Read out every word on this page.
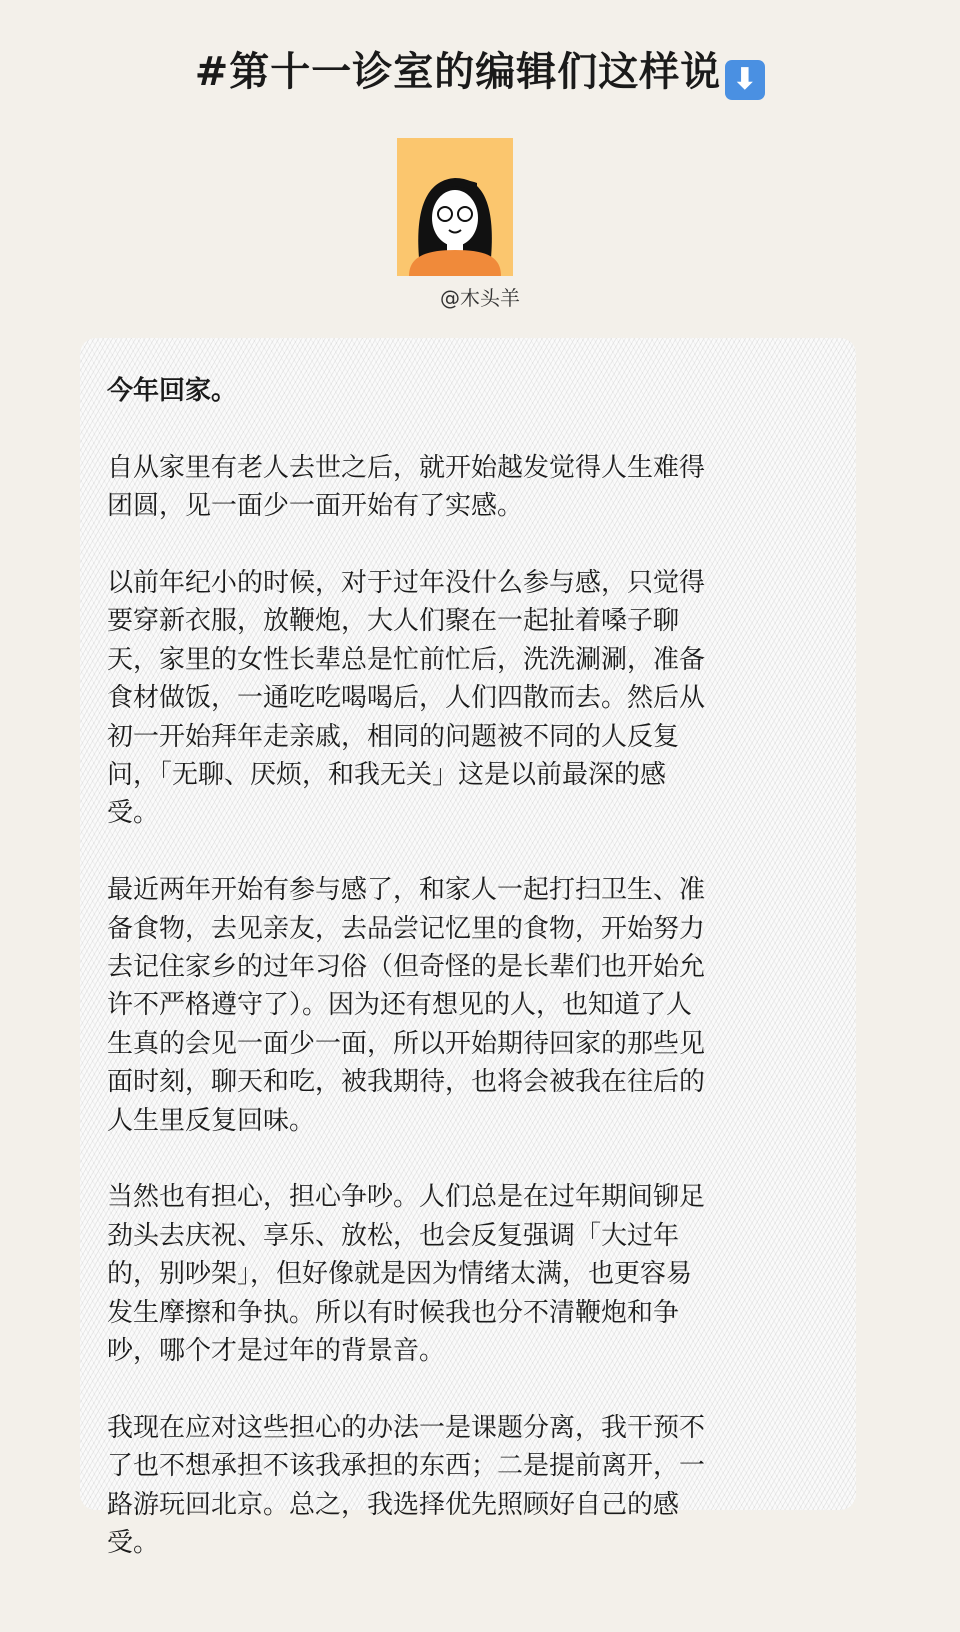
#第十一诊室的编辑们这样说 ⬇
@木头羊
今年回家。
自从家里有老人去世之后，就开始越发觉得人生难得
团圆，见一面少一面开始有了实感。
以前年纪小的时候，对于过年没什么参与感，只觉得
要穿新衣服，放鞭炮，大人们聚在一起扯着嗓子聊
天，家里的女性长辈总是忙前忙后，洗洗涮涮，准备
食材做饭，一通吃吃喝喝后，人们四散而去。然后从
初一开始拜年走亲戚，相同的问题被不同的人反复
问，「无聊、厌烦，和我无关」这是以前最深的感
受。
最近两年开始有参与感了，和家人一起打扫卫生、准
备食物，去见亲友，去品尝记忆里的食物，开始努力
去记住家乡的过年习俗（但奇怪的是长辈们也开始允
许不严格遵守了）。因为还有想见的人，也知道了人
生真的会见一面少一面，所以开始期待回家的那些见
面时刻，聊天和吃，被我期待，也将会被我在往后的
人生里反复回味。
当然也有担心，担心争吵。人们总是在过年期间铆足
劲头去庆祝、享乐、放松，也会反复强调「大过年
的，别吵架」，但好像就是因为情绪太满，也更容易
发生摩擦和争执。所以有时候我也分不清鞭炮和争
吵，哪个才是过年的背景音。
我现在应对这些担心的办法一是课题分离，我干预不
了也不想承担不该我承担的东西；二是提前离开，一
路游玩回北京。总之，我选择优先照顾好自己的感
受。
